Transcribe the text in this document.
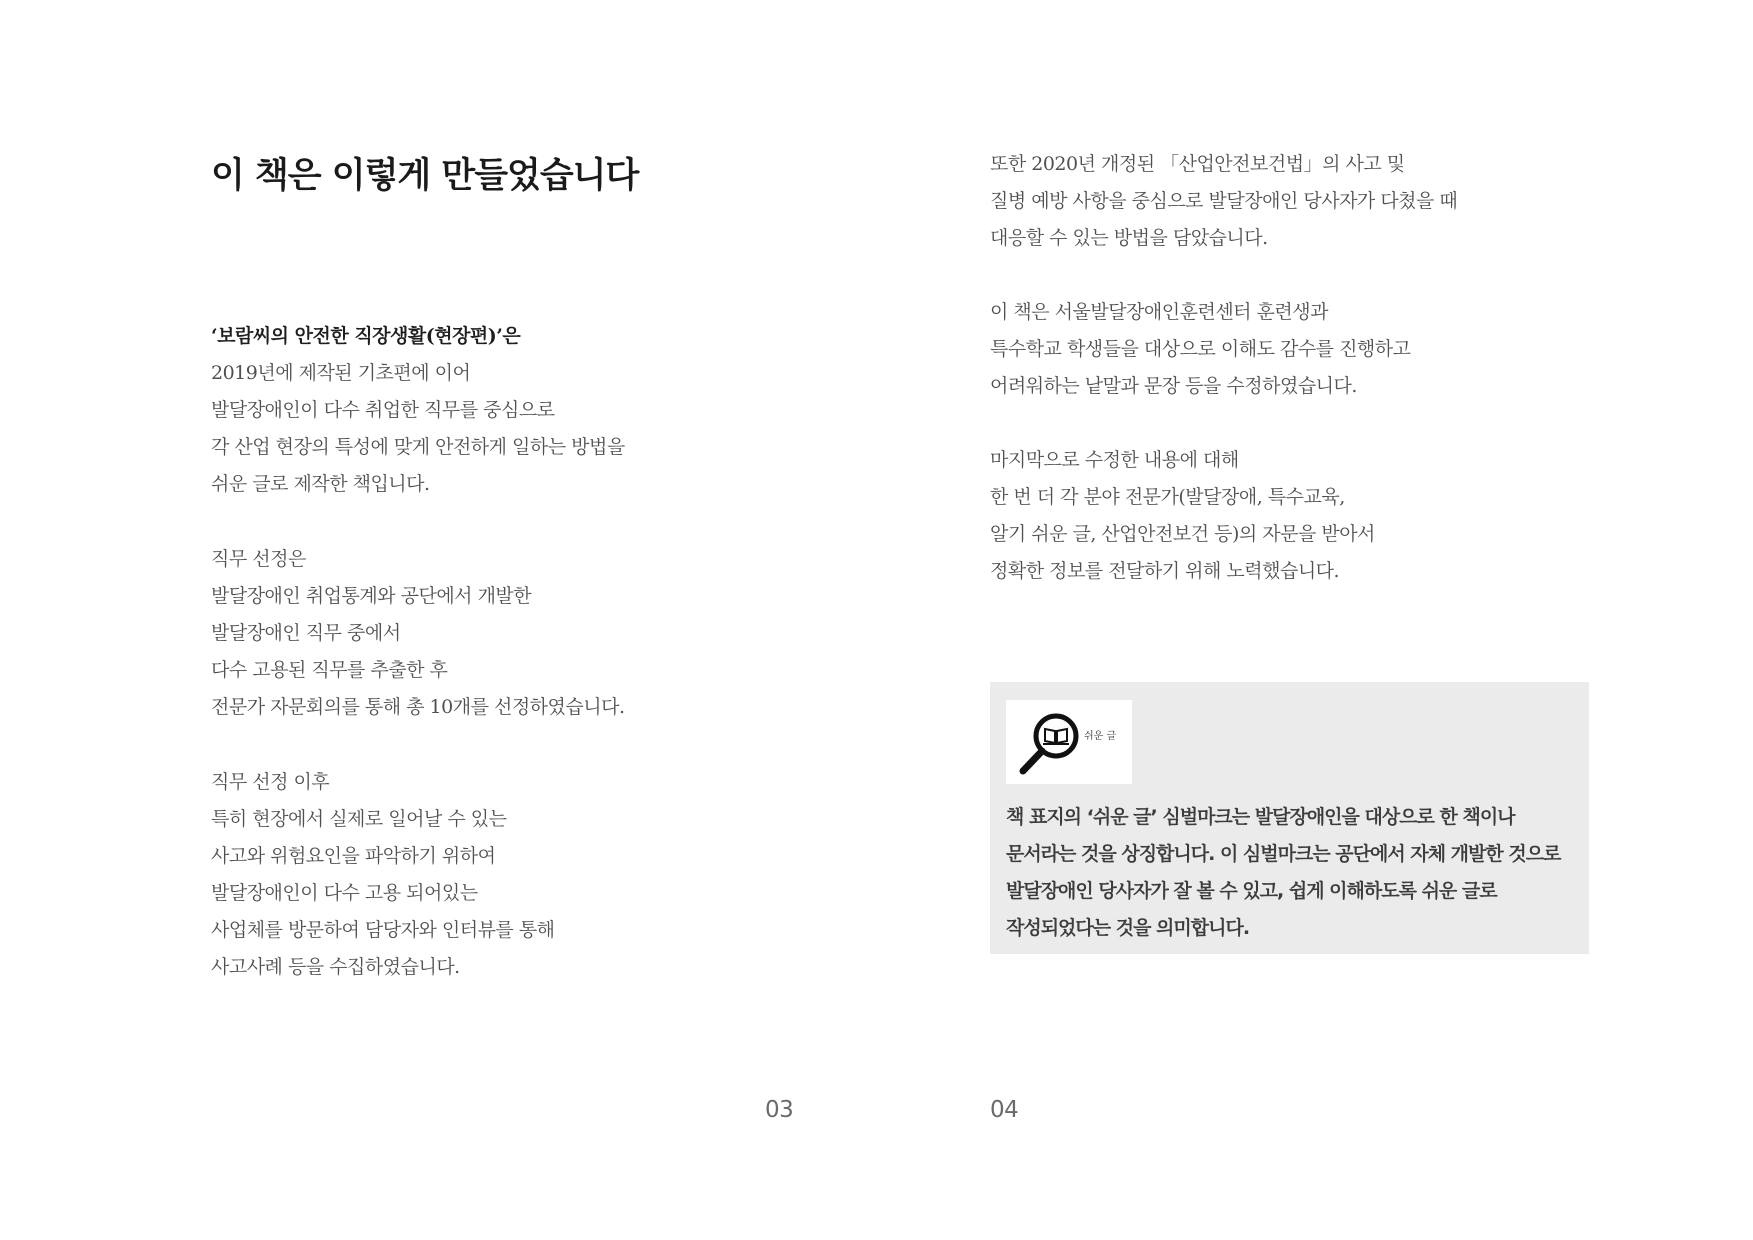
이 책은 이렇게 만들었습니다
‘보람씨의 안전한 직장생활(현장편)’은
2019년에 제작된 기초편에 이어
발달장애인이 다수 취업한 직무를 중심으로
각 산업 현장의 특성에 맞게 안전하게 일하는 방법을
쉬운 글로 제작한 책입니다.
직무 선정은
발달장애인 취업통계와 공단에서 개발한
발달장애인 직무 중에서
다수 고용된 직무를 추출한 후
전문가 자문회의를 통해 총 10개를 선정하였습니다.
직무 선정 이후
특히 현장에서 실제로 일어날 수 있는
사고와 위험요인을 파악하기 위하여
발달장애인이 다수 고용 되어있는
사업체를 방문하여 담당자와 인터뷰를 통해
사고사례 등을 수집하였습니다.
또한 2020년 개정된 「산업안전보건법」의 사고 및
질병 예방 사항을 중심으로 발달장애인 당사자가 다쳤을 때
대응할 수 있는 방법을 담았습니다.
이 책은 서울발달장애인훈련센터 훈련생과
특수학교 학생들을 대상으로 이해도 감수를 진행하고
어려워하는 낱말과 문장 등을 수정하였습니다.
마지막으로 수정한 내용에 대해
한 번 더 각 분야 전문가(발달장애, 특수교육,
알기 쉬운 글, 산업안전보건 등)의 자문을 받아서
정확한 정보를 전달하기 위해 노력했습니다.
쉬운 글
책 표지의 ‘쉬운 글’ 심벌마크는 발달장애인을 대상으로 한 책이나
문서라는 것을 상징합니다. 이 심벌마크는 공단에서 자체 개발한 것으로
발달장애인 당사자가 잘 볼 수 있고, 쉽게 이해하도록 쉬운 글로
작성되었다는 것을 의미합니다.
03	04
